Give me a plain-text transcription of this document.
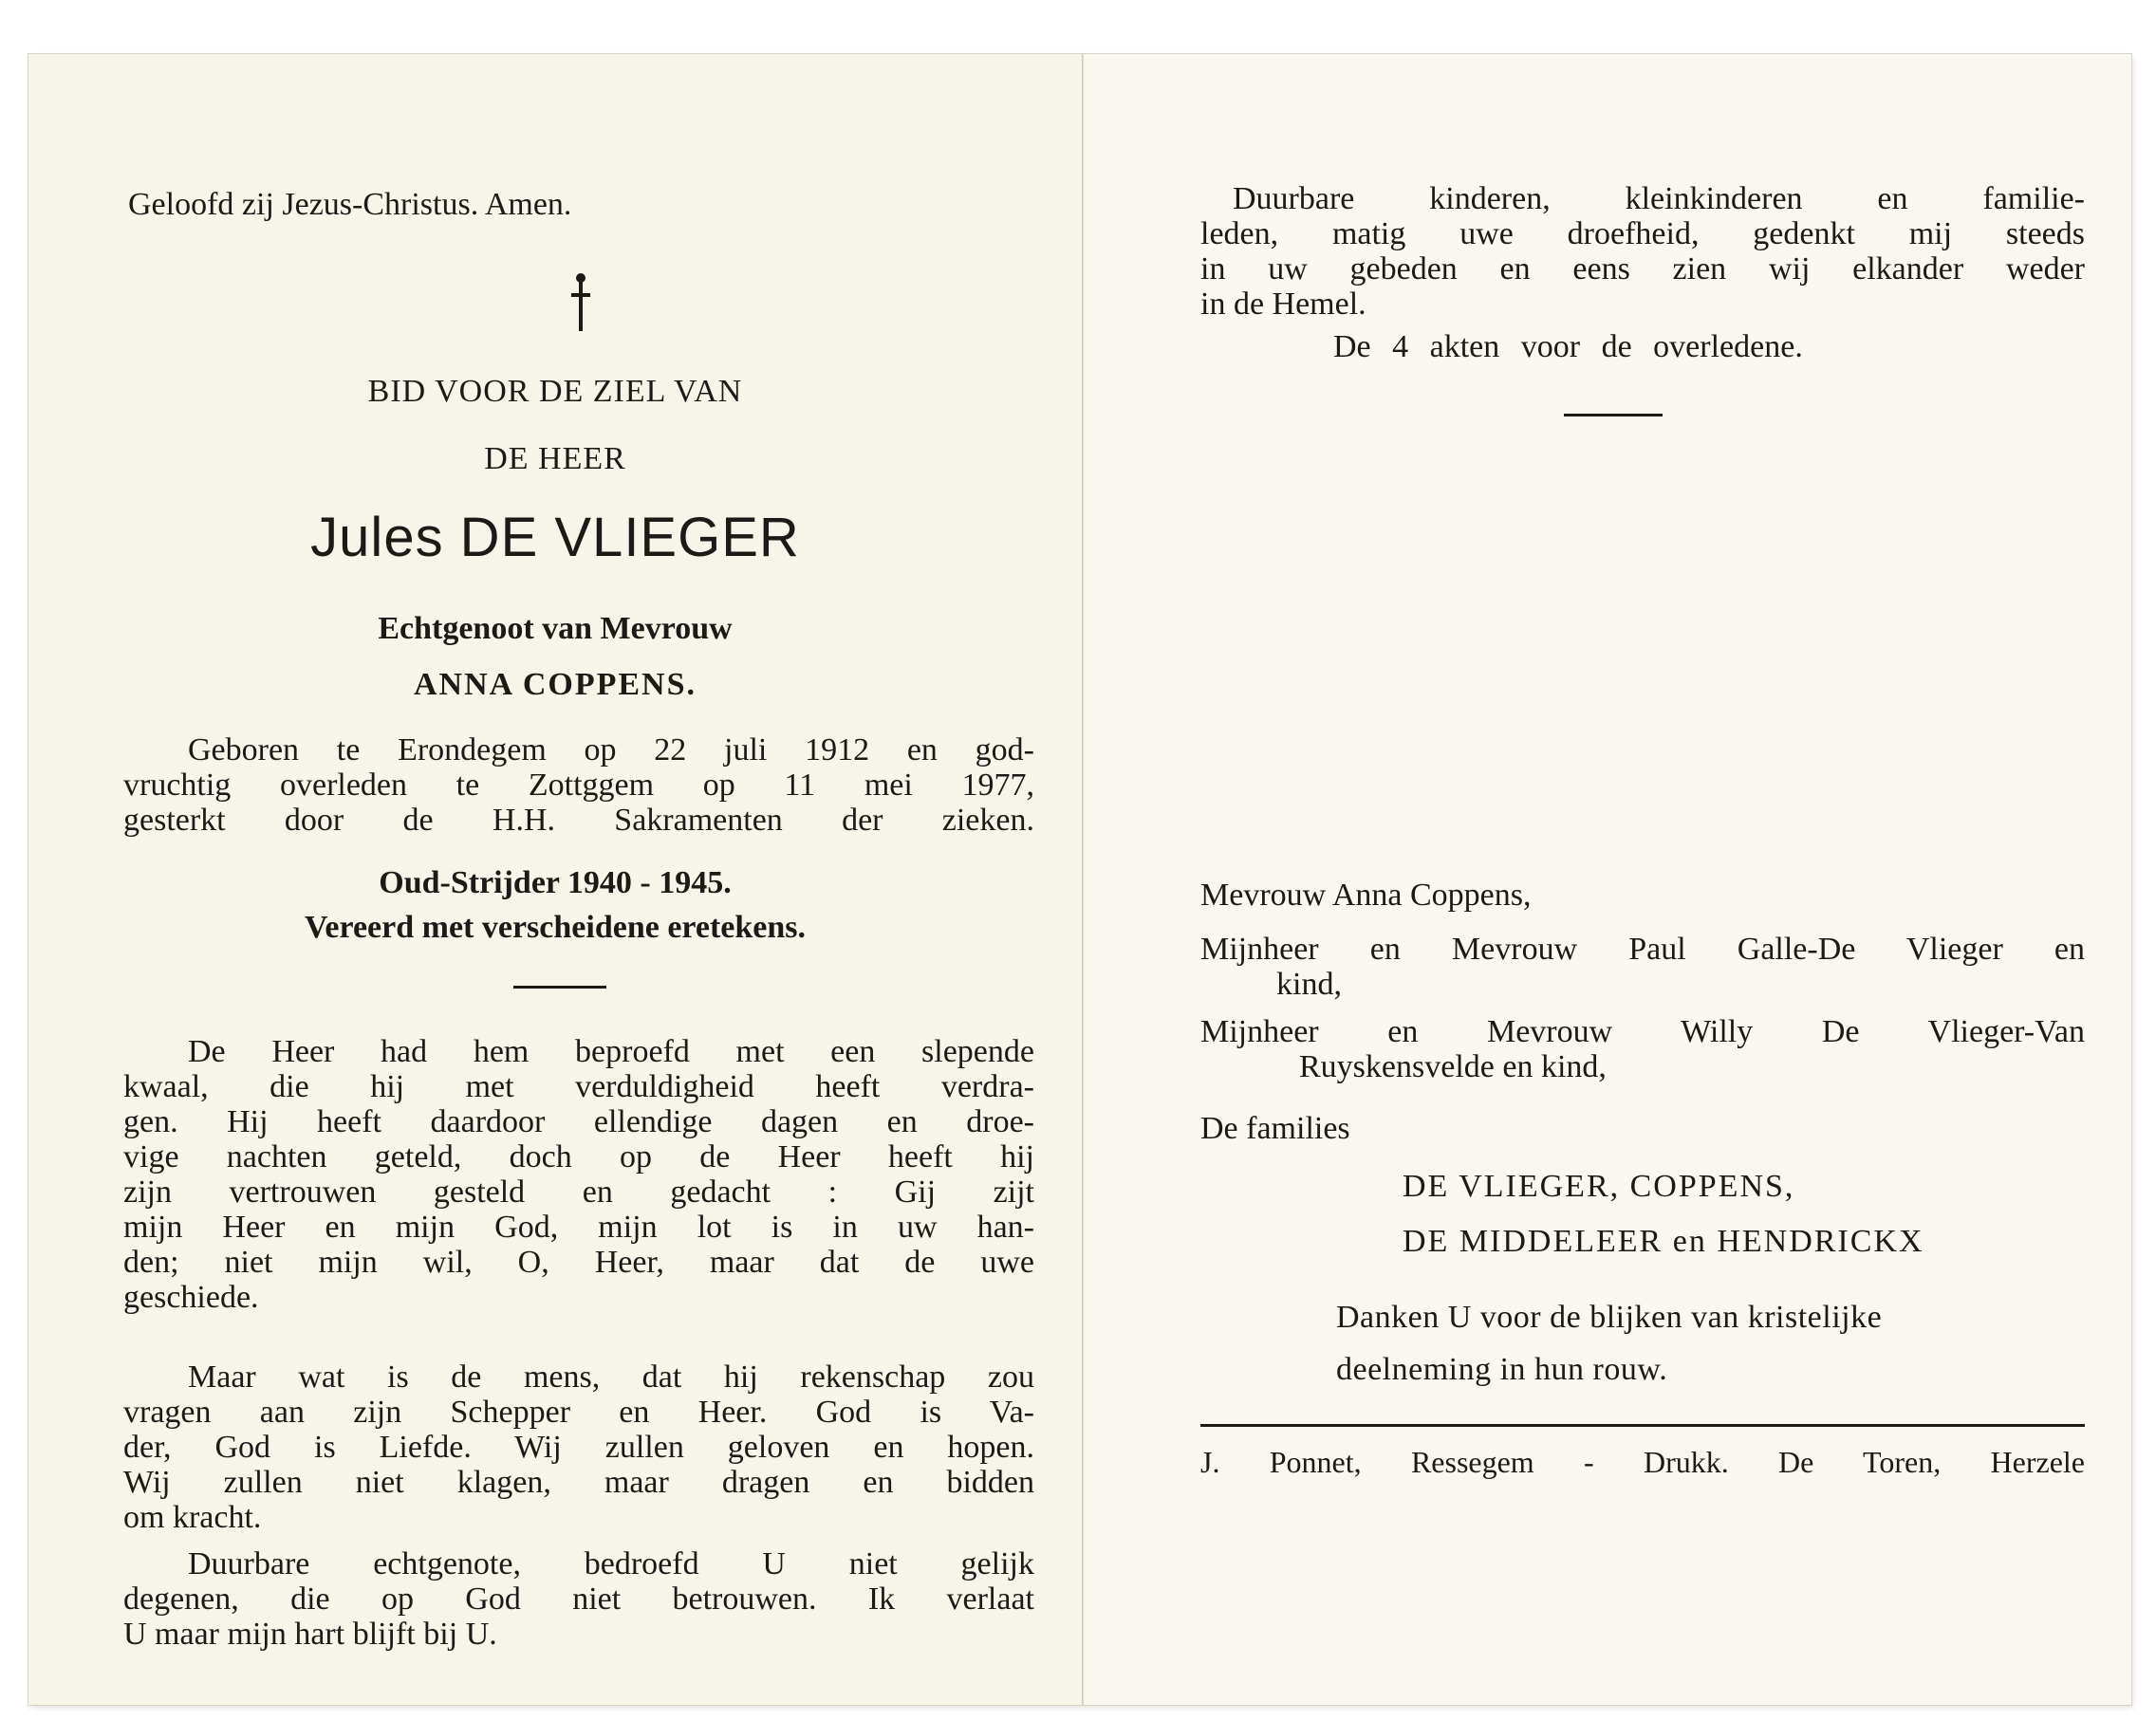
Geloofd zij Jezus-Christus. Amen.
BID VOOR DE ZIEL VAN
DE HEER
Jules DE VLIEGER
Echtgenoot van Mevrouw
ANNA COPPENS.

Geboren te Erondegem op 22 juli 1912 en god-

vruchtig overleden te Zottggem op 11 mei 1977,

gesterkt door de H.H. Sakramenten der zieken.

Oud-Strijder 1940 - 1945.
Vereerd met verscheidene eretekens.

De Heer had hem beproefd met een slepende

kwaal, die hij met verduldigheid heeft verdra-

gen. Hij heeft daardoor ellendige dagen en droe-

vige nachten geteld, doch op de Heer heeft hij

zijn vertrouwen gesteld en gedacht : Gij zijt

mijn Heer en mijn God, mijn lot is in uw han-

den; niet mijn wil, O, Heer, maar dat de uwe

geschiede.

Maar wat is de mens, dat hij rekenschap zou

vragen aan zijn Schepper en Heer. God is Va-

der, God is Liefde. Wij zullen geloven en hopen.

Wij zullen niet klagen, maar dragen en bidden

om kracht.

Duurbare echtgenote, bedroefd U niet gelijk

degenen, die op God niet betrouwen. Ik verlaat

U maar mijn hart blijft bij U.

Duurbare kinderen, kleinkinderen en familie-

leden, matig uwe droefheid, gedenkt mij steeds

in uw gebeden en eens zien wij elkander weder

in de Hemel.

De 4 akten voor de overledene.
Mevrouw Anna Coppens,

Mijnheer en Mevrouw Paul Galle-De Vlieger en

kind,

Mijnheer en Mevrouw Willy De Vlieger-Van

Ruyskensvelde en kind,

De families
DE VLIEGER, COPPENS,
DE MIDDELEER en HENDRICKX
Danken U voor de blijken van kristelijke
deelneming in hun rouw.
J. Ponnet, Ressegem - Drukk. De Toren, Herzele
